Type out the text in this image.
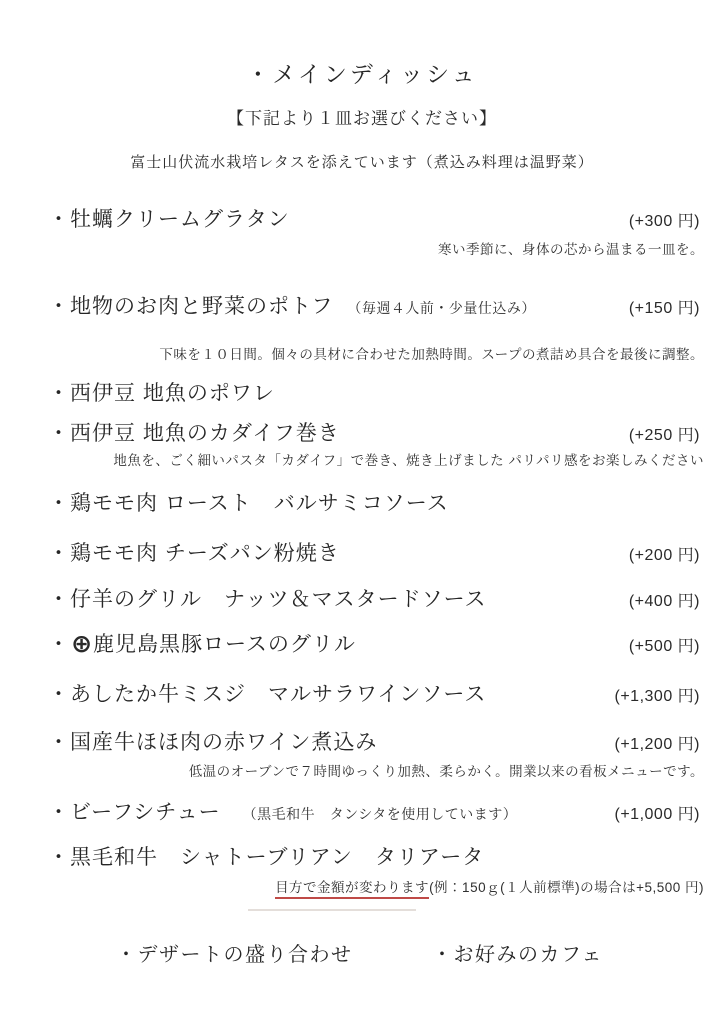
・メインディッシュ
【下記より１皿お選びください】
富士山伏流水栽培レタスを添えています（煮込み料理は温野菜）
・ 牡蠣クリームグラタン	(+300 円)
寒い季節に、身体の芯から温まる一皿を。
・ 地物のお肉と野菜のポトフ （毎週４人前・少量仕込み）	(+150 円)
下味を１０日間。個々の具材に合わせた加熱時間。スープの煮詰め具合を最後に調整。
・ 西伊豆 地魚のポワレ
・ 西伊豆 地魚のカダイフ巻き	(+250 円)
地魚を、ごく細いパスタ「カダイフ」で巻き、焼き上げました パリパリ感をお楽しみください
・ 鶏モモ肉 ロースト　バルサミコソース
・ 鶏モモ肉 チーズパン粉焼き	(+200 円)
・ 仔羊のグリル　ナッツ＆マスタードソース	(+400 円)
・ ⊕ 鹿児島黒豚ロースのグリル	(+500 円)
・ あしたか牛ミスジ　マルサラワインソース	(+1,300 円)
・ 国産牛ほほ肉の赤ワイン煮込み	(+1,200 円)
低温のオーブンで７時間ゆっくり加熱、柔らかく。開業以来の看板メニューです。
・ ビーフシチュー （黒毛和牛　タンシタを使用しています）	(+1,000 円)
・ 黒毛和牛　シャトーブリアン　タリアータ
目方で金額が変わります(例：150ｇ(１人前標準)の場合は+5,500 円)
・デザートの盛り合わせ	・お好みのカフェ
